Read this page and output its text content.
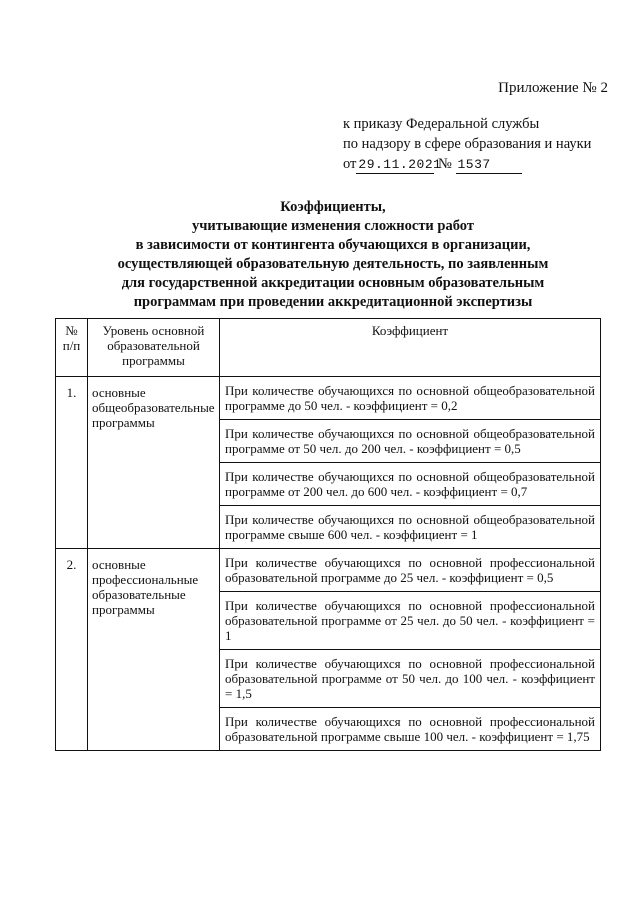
Приложение № 2
к приказу Федеральной службы
по надзору в сфере образования и науки
от 29.11.2021 № 1537
Коэффициенты,
учитывающие изменения сложности работ
в зависимости от контингента обучающихся в организации,
осуществляющей образовательную деятельность, по заявленным
для государственной аккредитации основным образовательным
программам при проведении аккредитационной экспертизы
№ п/п	Уровень основной образовательной программы	Коэффициент
1.	основные общеобразовательные программы	При количестве обучающихся по основной общеобразовательной программе до 50 чел. - коэффициент = 0,2
		При количестве обучающихся по основной общеобразовательной программе от 50 чел. до 200 чел. - коэффициент = 0,5
		При количестве обучающихся по основной общеобразовательной программе от 200 чел. до 600 чел. - коэффициент = 0,7
		При количестве обучающихся по основной общеобразовательной программе свыше 600 чел. - коэффициент = 1
2.	основные профессиональные образовательные программы	При количестве обучающихся по основной профессиональной образовательной программе до 25 чел. - коэффициент = 0,5
		При количестве обучающихся по основной профессиональной образовательной программе от 25 чел. до 50 чел. - коэффициент = 1
		При количестве обучающихся по основной профессиональной образовательной программе от 50 чел. до 100 чел. - коэффициент = 1,5
		При количестве обучающихся по основной профессиональной образовательной программе свыше 100 чел. - коэффициент = 1,75
